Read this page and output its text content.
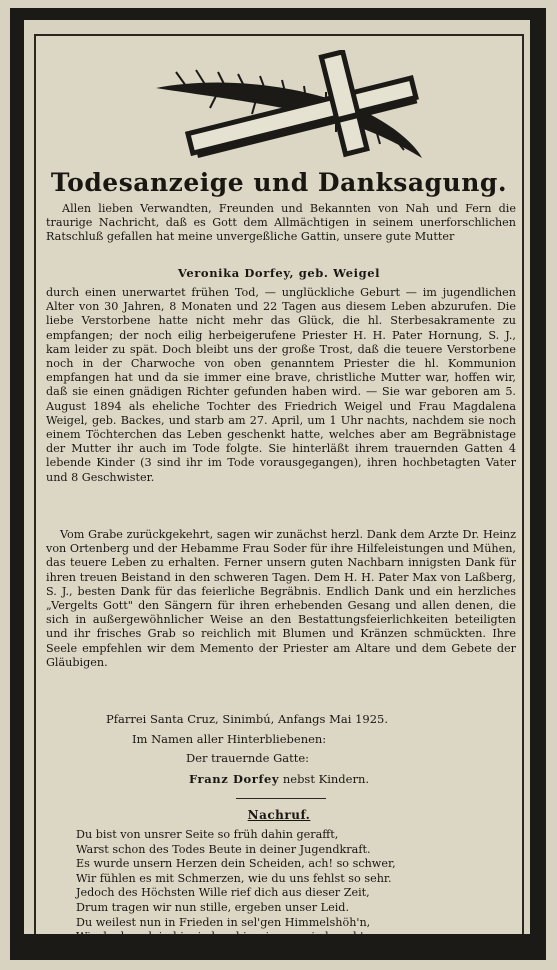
Todesanzeige und Danksagung.
Allen lieben Verwandten, Freunden und Bekannten von Nah und Fern die traurige Nachricht, daß es Gott dem Allmächtigen in seinem unerforschlichen Ratschluß gefallen hat meine unvergeßliche Gattin, unsere gute Mutter
Veronika Dorfey, geb. Weigel
durch einen unerwartet frühen Tod, — unglückliche Geburt — im jugendlichen Alter von 30 Jahren, 8 Monaten und 22 Tagen aus diesem Leben abzurufen. Die liebe Verstorbene hatte nicht mehr das Glück, die hl. Sterbesakramente zu empfangen; der noch eilig herbeigerufene Priester H. H. Pater Hornung, S. J., kam leider zu spät. Doch bleibt uns der große Trost, daß die teuere Verstorbene noch in der Charwoche von oben genanntem Priester die hl. Kommunion empfangen hat und da sie immer eine brave, christliche Mutter war, hoffen wir, daß sie einen gnädigen Richter gefunden haben wird. — Sie war geboren am 5. August 1894 als eheliche Tochter des Friedrich Weigel und Frau Magdalena Weigel, geb. Backes, und starb am 27. April, um 1 Uhr nachts, nachdem sie noch einem Töchterchen das Leben geschenkt hatte, welches aber am Begräbnistage der Mutter ihr auch im Tode folgte. Sie hinterläßt ihrem trauernden Gatten 4 lebende Kinder (3 sind ihr im Tode vorausgegangen), ihren hochbetagten Vater und 8 Geschwister.
Vom Grabe zurückgekehrt, sagen wir zunächst herzl. Dank dem Arzte Dr. Heinz von Ortenberg und der Hebamme Frau Soder für ihre Hilfeleistungen und Mühen, das teuere Leben zu erhalten. Ferner unsern guten Nachbarn innigsten Dank für ihren treuen Beistand in den schweren Tagen. Dem H. H. Pater Max von Laßberg, S. J., besten Dank für das feierliche Begräbnis. Endlich Dank und ein herzliches „Vergelts Gott" den Sängern für ihren erhebenden Gesang und allen denen, die sich in außergewöhnlicher Weise an den Bestattungsfeierlichkeiten beteiligten und ihr frisches Grab so reichlich mit Blumen und Kränzen schmückten. Ihre Seele empfehlen wir dem Memento der Priester am Altare und dem Gebete der Gläubigen.
Pfarrei Santa Cruz, Sinimbú, Anfangs Mai 1925.
Im Namen aller Hinterbliebenen:
Der trauernde Gatte:
Franz Dorfey nebst Kindern.
Nachruf.
Du bist von unsrer Seite so früh dahin gerafft,
Warst schon des Todes Beute in deiner Jugendkraft.
Es wurde unsern Herzen dein Scheiden, ach! so schwer,
Wir fühlen es mit Schmerzen, wie du uns fehlst so sehr.
Jedoch des Höchsten Wille rief dich aus dieser Zeit,
Drum tragen wir nun stille, ergeben unser Leid.
Du weilest nun in Frieden in sel'gen Himmelshöh'n,
